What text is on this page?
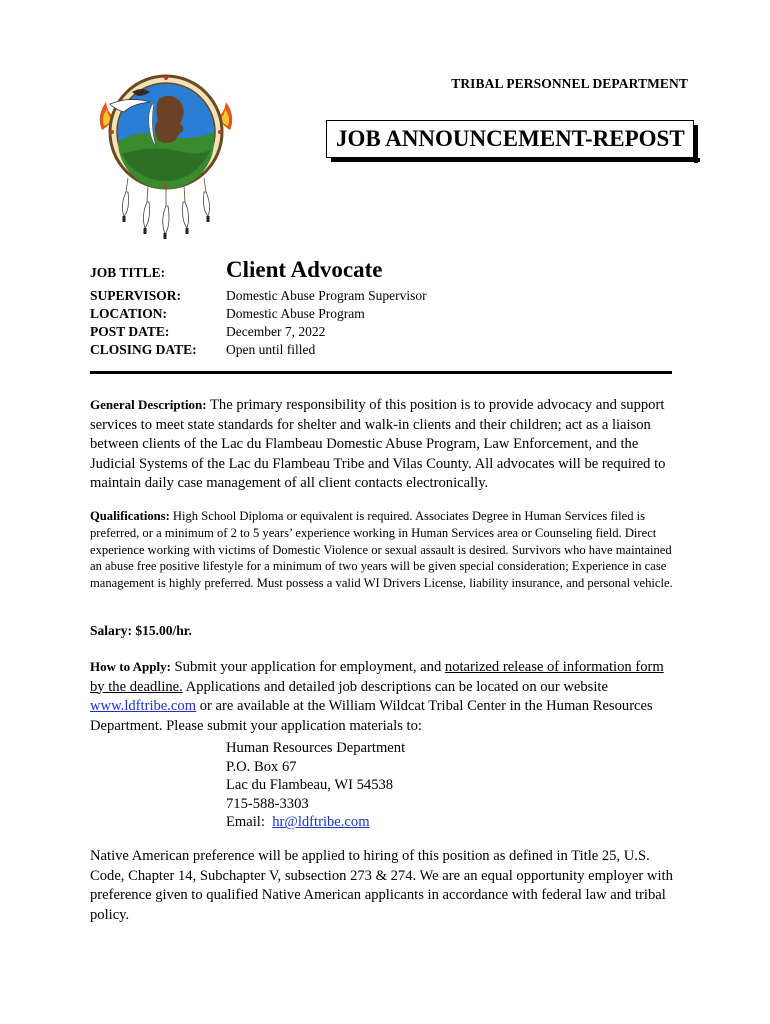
TRIBAL PERSONNEL DEPARTMENT
JOB ANNOUNCEMENT-REPOST
JOB TITLE:	Client Advocate
SUPERVISOR:	Domestic Abuse Program Supervisor
LOCATION:	Domestic Abuse Program
POST DATE:	December 7, 2022
CLOSING DATE: Open until filled

General Description: The primary responsibility of this position is to provide advocacy and support services to meet state standards for shelter and walk-in clients and their children; act as a liaison between clients of the Lac du Flambeau Domestic Abuse Program, Law Enforcement, and the Judicial Systems of the Lac du Flambeau Tribe and Vilas County. All advocates will be required to maintain daily case management of all client contacts electronically.

Qualifications: High School Diploma or equivalent is required. Associates Degree in Human Services filed is preferred, or a minimum of 2 to 5 years’ experience working in Human Services area or Counseling field. Direct experience working with victims of Domestic Violence or sexual assault is desired. Survivors who have maintained an abuse free positive lifestyle for a minimum of two years will be given special consideration; Experience in case management is highly preferred. Must possess a valid WI Drivers License, liability insurance, and personal vehicle.

Salary: $15.00/hr.

How to Apply: Submit your application for employment, and notarized release of information form by the deadline. Applications and detailed job descriptions can be located on our website www.ldftribe.com or are available at the William Wildcat Tribal Center in the Human Resources Department. Please submit your application materials to:

Human Resources Department
P.O. Box 67
Lac du Flambeau, WI 54538
715-588-3303
Email:  hr@ldftribe.com

Native American preference will be applied to hiring of this position as defined in Title 25, U.S. Code, Chapter 14, Subchapter V, subsection 273 & 274. We are an equal opportunity employer with preference given to qualified Native American applicants in accordance with federal law and tribal policy.
